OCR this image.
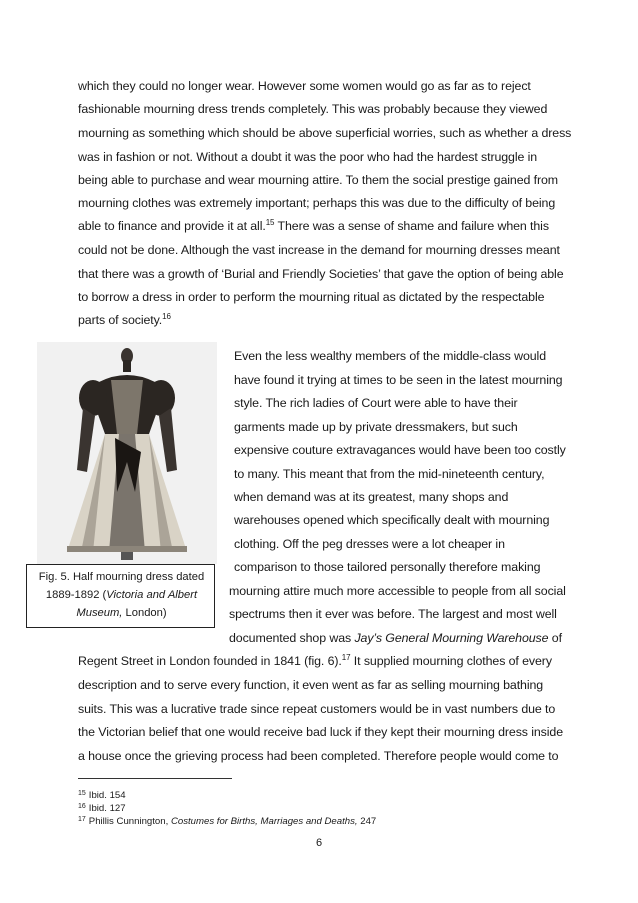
which they could no longer wear. However some women would go as far as to reject
fashionable mourning dress trends completely. This was probably because they viewed
mourning as something which should be above superficial worries, such as whether a dress
was in fashion or not. Without a doubt it was the poor who had the hardest struggle in
being able to purchase and wear mourning attire. To them the social prestige gained from
mourning clothes was extremely important; perhaps this was due to the difficulty of being
able to finance and provide it at all.$^{15}$ There was a sense of shame and failure when this
could not be done. Although the vast increase in the demand for mourning dresses meant
that there was a growth of ‘Burial and Friendly Societies’ that gave the option of being able
to borrow a dress in order to perform the mourning ritual as dictated by the respectable
parts of society.$^{16}$
Even the less wealthy members of the middle-class would
have found it trying at times to be seen in the latest mourning
style. The rich ladies of Court were able to have their
garments made up by private dressmakers, but such
expensive couture extravagances would have been too costly
to many. This meant that from the mid-nineteenth century,
when demand was at its greatest, many shops and
warehouses opened which specifically dealt with mourning
clothing. Off the peg dresses were a lot cheaper in
comparison to those tailored personally therefore making
mourning attire much more accessible to people from all social
spectrums then it ever was before. The largest and most well
documented shop was Jay’s General Mourning Warehouse of
Fig. 5. Half mourning dress dated
1889-1892 (Victoria and Albert
Museum, London)
Regent Street in London founded in 1841 (fig. 6).$^{17}$ It supplied mourning clothes of every
description and to serve every function, it even went as far as selling mourning bathing
suits. This was a lucrative trade since repeat customers would be in vast numbers due to
the Victorian belief that one would receive bad luck if they kept their mourning dress inside
a house once the grieving process had been completed. Therefore people would come to
$^{15}$ Ibid. 154
$^{16}$ Ibid. 127
$^{17}$ Phillis Cunnington, Costumes for Births, Marriages and Deaths, 247
6
